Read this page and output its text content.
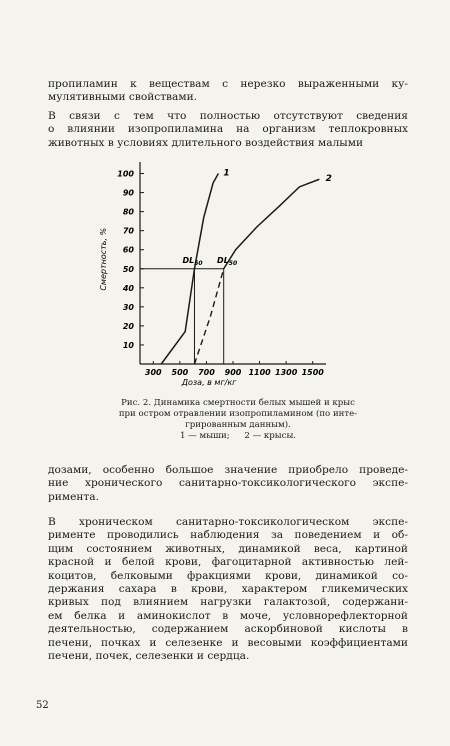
пропиламин к веществам с нерезко выраженными ку-
мулятивными свойствами.
В связи с тем что полностью отсутствуют сведения
о влиянии изопропиламина на организм теплокровных
животных в условиях длительного воздействия малыми
10
20
30
40
50
60
70
80
90
100
300 500 700 900 1100 1300 1500
Смертность, %
Доза, в мг/кг
$DL_{50}$ $DL_{50}$
1
2

Рис. 2. Динамика смертности белых мышей и крыс

при остром отравлении изопропиламином (по инте-

грированным данным).

1 — мыши; 2 — крысы.

дозами, особенно большое значение приобрело проведе-
ние хронического санитарно-токсикологического экспе-
римента.
В хроническом санитарно-токсикологическом экспе-
рименте проводились наблюдения за поведением и об-
щим состоянием животных, динамикой веса, картиной
красной и белой крови, фагоцитарной активностью лей-
коцитов, белковыми фракциями крови, динамикой со-
держания сахара в крови, характером гликемических
кривых под влиянием нагрузки галактозой, содержани-
ем белка и аминокислот в моче, условнорефлекторной
деятельностью, содержанием аскорбиновой кислоты в
печени, почках и селезенке и весовыми коэффициентами
печени, почек, селезенки и сердца.
52
